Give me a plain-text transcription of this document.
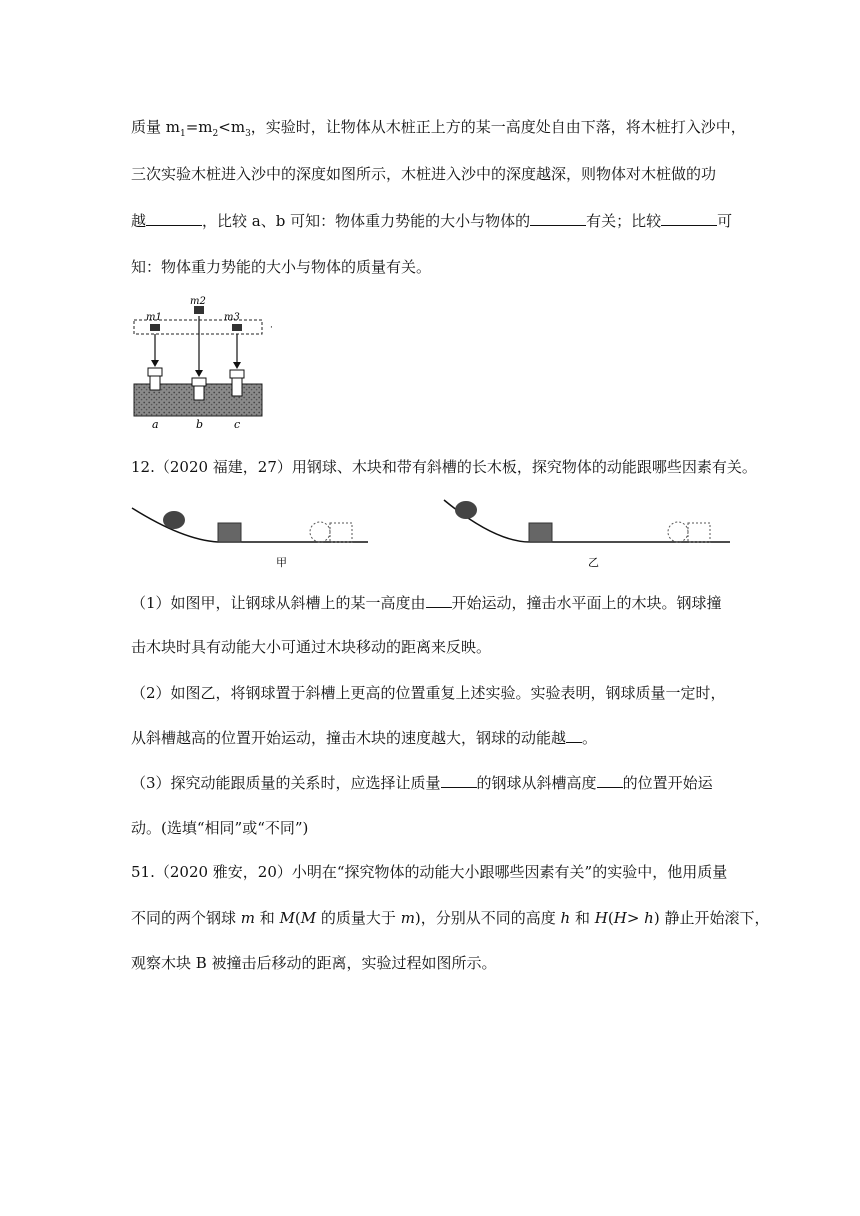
质量 $m_1=m_2<m_3$，实验时，让物体从木桩正上方的某一高度处自由下落，将木桩打入沙中，
三次实验木桩进入沙中的深度如图所示，木桩进入沙中的深度越深，则物体对木桩做的功
越	，比较 a、b 可知：物体重力势能的大小与物体的	有关；比较	可
知：物体重力势能的大小与物体的质量有关。
m1
m2
m3
·
a	b	c
12.（2020 福建，27）用钢球、木块和带有斜槽的长木板，探究物体的动能跟哪些因素有关。
甲	乙
（1）如图甲，让钢球从斜槽上的某一高度由 开始运动，撞击水平面上的木块。钢球撞
击木块时具有动能大小可通过木块移动的距离来反映。
（2）如图乙，将钢球置于斜槽上更高的位置重复上述实验。实验表明，钢球质量一定时，
从斜槽越高的位置开始运动，撞击木块的速度越大，钢球的动能越 。
（3）探究动能跟质量的关系时，应选择让质量 的钢球从斜槽高度 的位置开始运
动。(选填“相同”或“不同”)
51.（2020 雅安，20）小明在“探究物体的动能大小跟哪些因素有关”的实验中，他用质量
不同的两个钢球 m 和 M(M 的质量大于 m)，分别从不同的高度 h 和 H(H> h) 静止开始滚下，
观察木块 B 被撞击后移动的距离，实验过程如图所示。
